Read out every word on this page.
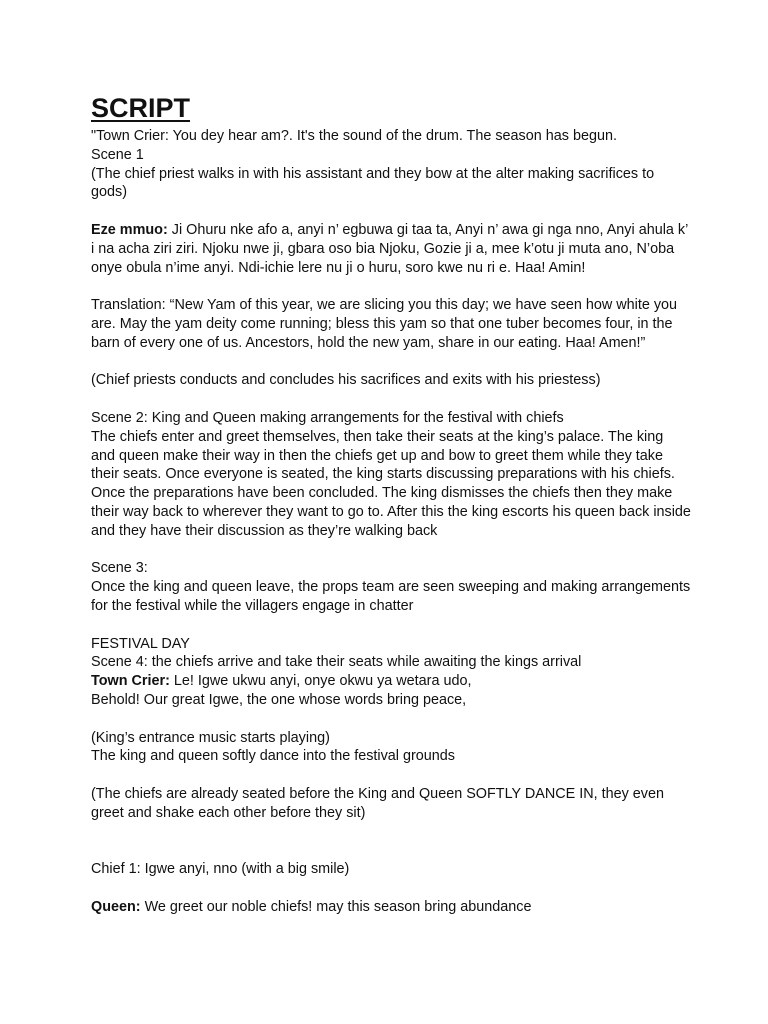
SCRIPT

"Town Crier: You dey hear am?. It's the sound of the drum. The season has begun.

Scene 1

(The chief priest walks in with his assistant and they bow at the alter making sacrifices to gods)

Eze mmuo: Ji Ohuru nke afo a, anyi n’ egbuwa gi taa ta, Anyi n’ awa gi nga nno, Anyi ahula k’ i na acha ziri ziri. Njoku nwe ji, gbara oso bia Njoku, Gozie ji a, mee k’otu ji muta ano, N’oba onye obula n’ime anyi. Ndi-ichie lere nu ji o huru, soro kwe nu ri e. Haa! Amin!

Translation: “New Yam of this year, we are slicing you this day; we have seen how white you are. May the yam deity come running; bless this yam so that one tuber becomes four, in the barn of every one of us. Ancestors, hold the new yam, share in our eating. Haa! Amen!”

(Chief priests conducts and concludes his sacrifices and exits with his priestess)

Scene 2: King and Queen making arrangements for the festival with chiefs

The chiefs enter and greet themselves, then take their seats at the king’s palace. The king and queen make their way in then the chiefs get up and bow to greet them while they take their seats. Once everyone is seated, the king starts discussing preparations with his chiefs.

Once the preparations have been concluded. The king dismisses the chiefs then they make their way back to wherever they want to go to. After this the king escorts his queen back inside and they have their discussion as they’re walking back

Scene 3:

Once the king and queen leave, the props team are seen sweeping and making arrangements for the festival while the villagers engage in chatter

FESTIVAL DAY

Scene 4: the chiefs arrive and take their seats while awaiting the kings arrival

Town Crier: Le! Igwe ukwu anyi, onye okwu ya wetara udo,

Behold! Our great Igwe, the one whose words bring peace,

(King’s entrance music starts playing)

The king and queen softly dance into the festival grounds

(The chiefs are already seated before the King and Queen SOFTLY DANCE IN, they even greet and shake each other before they sit)

Chief 1: Igwe anyi, nno (with a big smile)

Queen: We greet our noble chiefs! may this season bring abundance
